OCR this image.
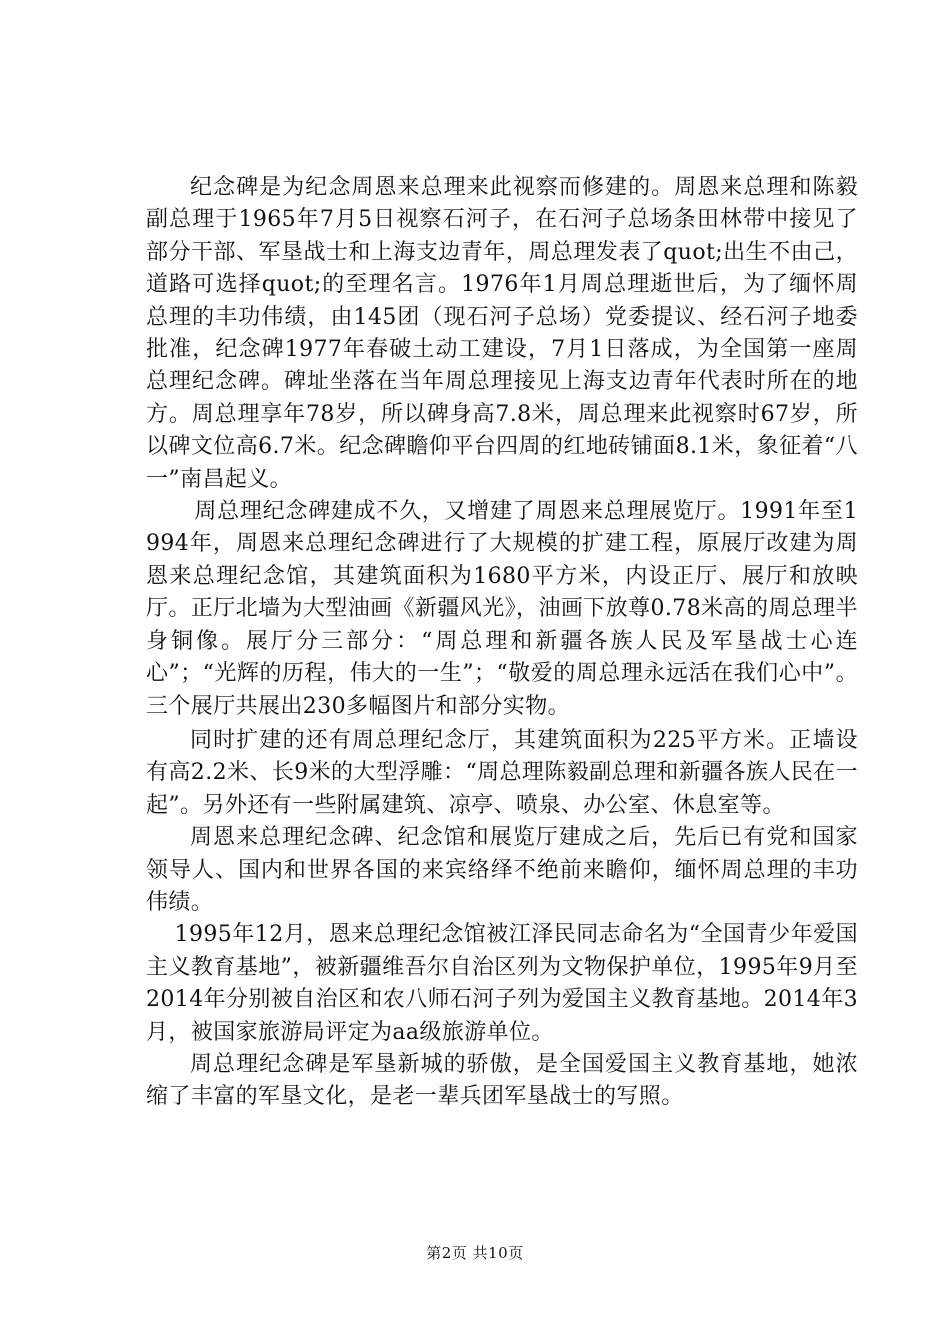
纪念碑是为纪念周恩来总理来此视察而修建的。周恩来总理和陈毅副总理于1965年7月5日视察石河子，在石河子总场条田林带中接见了部分干部、军垦战士和上海支边青年，周总理发表了quot;出生不由己，道路可选择quot;的至理名言。1976年1月周总理逝世后，为了缅怀周总理的丰功伟绩，由145团（现石河子总场）党委提议、经石河子地委批准，纪念碑1977年春破土动工建设，7月1日落成，为全国第一座周总理纪念碑。碑址坐落在当年周总理接见上海支边青年代表时所在的地方。周总理享年78岁，所以碑身高7.8米，周总理来此视察时67岁，所以碑文位高6.7米。纪念碑瞻仰平台四周的红地砖铺面8.1米，象征着“八一”南昌起义。

周总理纪念碑建成不久，又增建了周恩来总理展览厅。1991年至1994年，周恩来总理纪念碑进行了大规模的扩建工程，原展厅改建为周恩来总理纪念馆，其建筑面积为1680平方米，内设正厅、展厅和放映厅。正厅北墙为大型油画《新疆风光》，油画下放尊0.78米高的周总理半身铜像。展厅分三部分：“周总理和新疆各族人民及军垦战士心连心”；“光辉的历程，伟大的一生”；“敬爱的周总理永远活在我们心中”。三个展厅共展出230多幅图片和部分实物。

同时扩建的还有周总理纪念厅，其建筑面积为225平方米。正墙设有高2.2米、长9米的大型浮雕：“周总理陈毅副总理和新疆各族人民在一起”。另外还有一些附属建筑、凉亭、喷泉、办公室、休息室等。

周恩来总理纪念碑、纪念馆和展览厅建成之后，先后已有党和国家领导人、国内和世界各国的来宾络绎不绝前来瞻仰，缅怀周总理的丰功伟绩。

1995年12月，恩来总理纪念馆被江泽民同志命名为“全国青少年爱国主义教育基地”，被新疆维吾尔自治区列为文物保护单位，1995年9月至2014年分别被自治区和农八师石河子列为爱国主义教育基地。2014年3月，被国家旅游局评定为aa级旅游单位。

周总理纪念碑是军垦新城的骄傲，是全国爱国主义教育基地，她浓缩了丰富的军垦文化，是老一辈兵团军垦战士的写照。

第2页 共10页
